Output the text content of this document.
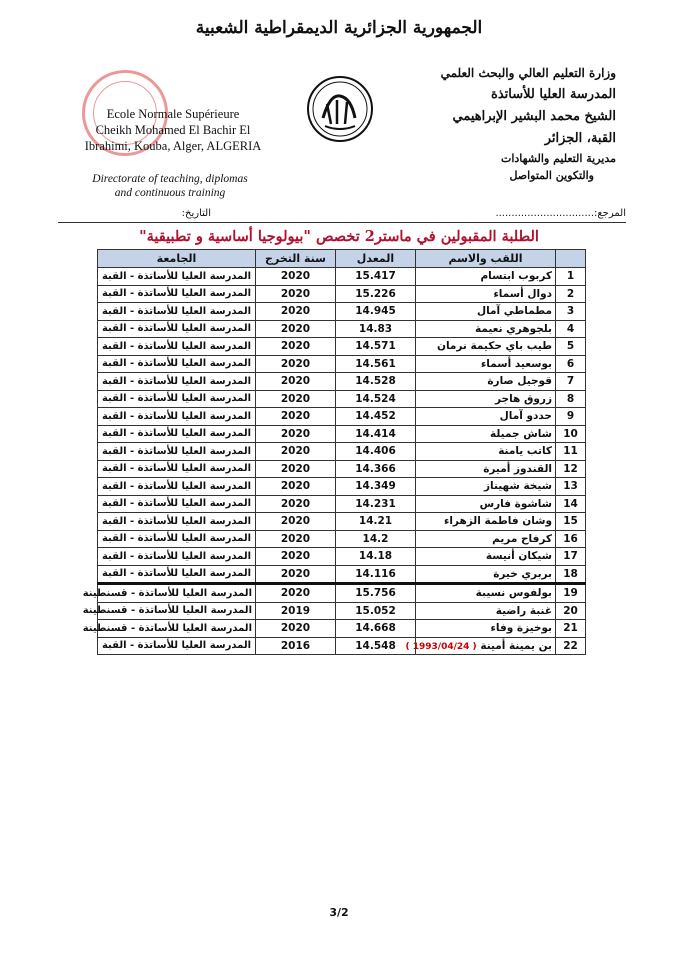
الجمهورية الجزائرية الديمقراطية الشعبية
وزارة التعليم العالي والبحث العلمي
المدرسة العليا للأساتذة
الشيخ محمد البشير الإبراهيمي
القبة، الجزائر
مديرية التعليم والشهادات
والتكوين المتواصل
Ecole Normale Supérieure
Cheikh Mohamed El Bachir El
Ibrahimi, Kouba, Alger, ALGERIA
Directorate of teaching, diplomas
and continuous training
المرجع:...............................
التاريخ:
الطلبة المقبولين في ماستر2 تخصص "بيولوجيا أساسية و تطبيقية"
	اللقب والاسم	المعدل	سنة التخرج	الجامعة
1	كربوب ابتسام	15.417	2020	المدرسة العليا للأساتذة - القبة
2	دوال أسماء	15.226	2020	المدرسة العليا للأساتذة - القبة
3	مطماطي آمال	14.945	2020	المدرسة العليا للأساتذة - القبة
4	بلجوهري نعيمة	14.83	2020	المدرسة العليا للأساتذة - القبة
5	طيب باي حكيمة نرمان	14.571	2020	المدرسة العليا للأساتذة - القبة
6	بوسعيد أسماء	14.561	2020	المدرسة العليا للأساتذة - القبة
7	قوجيل صارة	14.528	2020	المدرسة العليا للأساتذة - القبة
8	زروق هاجر	14.524	2020	المدرسة العليا للأساتذة - القبة
9	حددو آمال	14.452	2020	المدرسة العليا للأساتذة - القبة
10	شاش جميلة	14.414	2020	المدرسة العليا للأساتذة - القبة
11	كاتب يامنة	14.406	2020	المدرسة العليا للأساتذة - القبة
12	القندوز أميرة	14.366	2020	المدرسة العليا للأساتذة - القبة
13	شيخة شهيناز	14.349	2020	المدرسة العليا للأساتذة - القبة
14	شاشوة فارس	14.231	2020	المدرسة العليا للأساتذة - القبة
15	وشان فاطمة الزهراء	14.21	2020	المدرسة العليا للأساتذة - القبة
16	كرفاح مريم	14.2	2020	المدرسة العليا للأساتذة - القبة
17	شيكان أنيسة	14.18	2020	المدرسة العليا للأساتذة - القبة
18	بربري خيرة	14.116	2020	المدرسة العليا للأساتذة - القبة
19	بولفوس نسيبة	15.756	2020	المدرسة العليا للأساتذة - قسنطينة
20	غنبة راضية	15.052	2019	المدرسة العليا للأساتذة - قسنطينة
21	بوخيزة وفاء	14.668	2020	المدرسة العليا للأساتذة - قسنطينة
22	بن يمينة أمينة ( 1993/04/24 )	14.548	2016	المدرسة العليا للأساتذة - القبة
3/2
